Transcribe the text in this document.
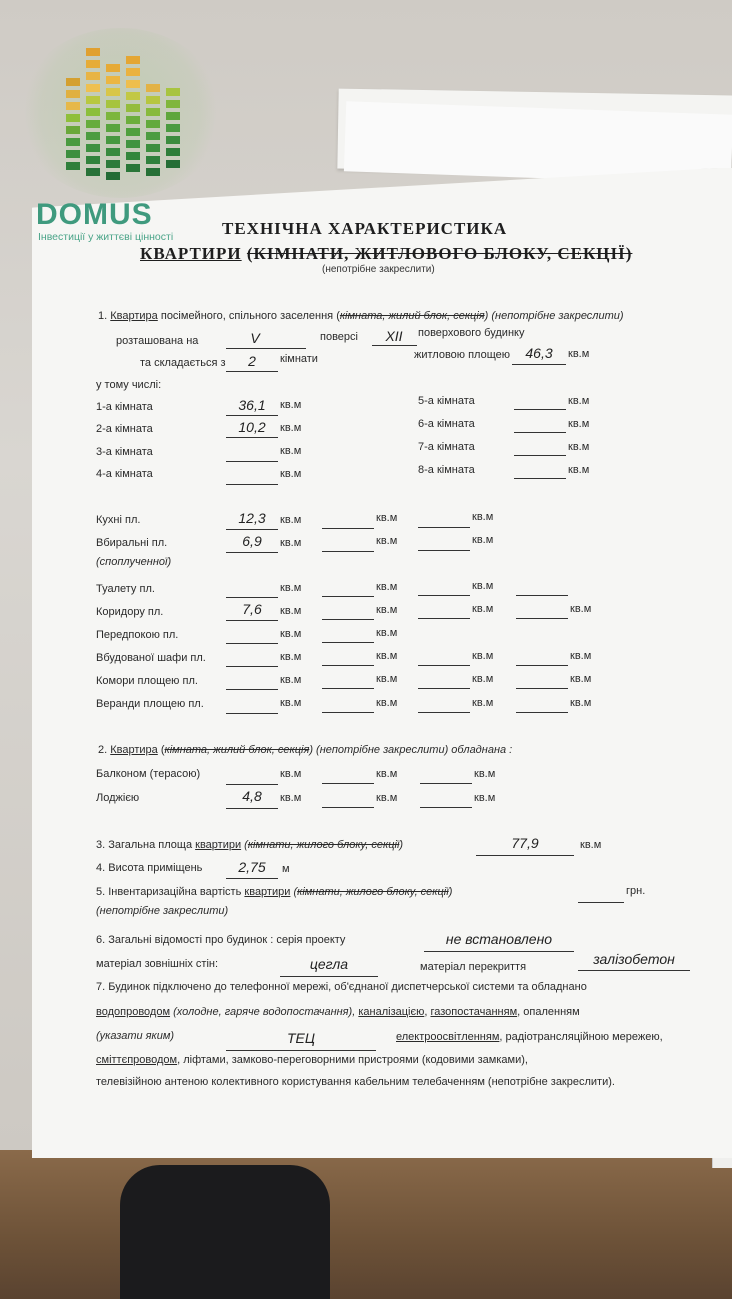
DOMUS
Інвестиції у життєві цінності	ТЕХНІЧНА ХАРАКТЕРИСТИКА
КВАРТИРИ (КІМНАТИ, ЖИТЛОВОГО БЛОКУ, СЕКЦІЇ)
(непотрібне закреслити)
1. Квартира посімейного, спільного заселення (кімната, жилий блок, секція) (непотрібне закреслити)
розташована на	V	поверсі	XII	поверхового будинку
та складається з	2	кімнати	житловою площею	46,3	кв.м
у тому числі:
1-а кімната	36,1	кв.м
2-а кімната	10,2	кв.м
3-а кімната	кв.м
4-а кімната	кв.м
5-а кімната	кв.м
6-а кімната	кв.м
7-а кімната	кв.м
8-а кімната	кв.м
Кухні пл.	12,3	кв.м	кв.м	кв.м
Вбиральні пл.	6,9	кв.м	кв.м	кв.м
(споплученної)
Туалету пл.	кв.м	кв.м	кв.м
Коридору пл.	7,6	кв.м	кв.м	кв.м	кв.м
Передпокою пл.	кв.м	кв.м
Вбудованої шафи пл.	кв.м	кв.м	кв.м	кв.м
Комори площею пл.	кв.м	кв.м	кв.м	кв.м
Веранди площею пл.	кв.м	кв.м	кв.м	кв.м
2. Квартира (кімната, жилий блок, секція) (непотрібне закреслити) обладнана :
Балконом (терасою)	кв.м	кв.м	кв.м
Лоджією	4,8	кв.м	кв.м	кв.м
3. Загальна площа квартири (кімнати, жилого блоку, секції)	77,9	кв.м
4. Висота приміщень	2,75	м
5. Інвентаризаційна вартість квартири (кімнати, жилого блоку, секції)	грн.
(непотрібне закреслити)
6. Загальні відомості про будинок : серія проекту	не встановлено
матеріал зовнішніх стін:	цегла	матеріал перекриття	залізобетон
7. Будинок підключено до телефонної мережі, об'єднаної диспетчерської системи та обладнано
водопроводом (холодне, гаряче водопостачання), каналізацією, газопостачанням, опаленням
(указати яким)	ТЕЦ	електроосвітленням, радіотрансляційною мережею,
сміттєпроводом, ліфтами, замково-переговорними пристроями (кодовими замками),
телевізійною антеною колективного користування кабельним телебаченням (непотрібне закреслити).
